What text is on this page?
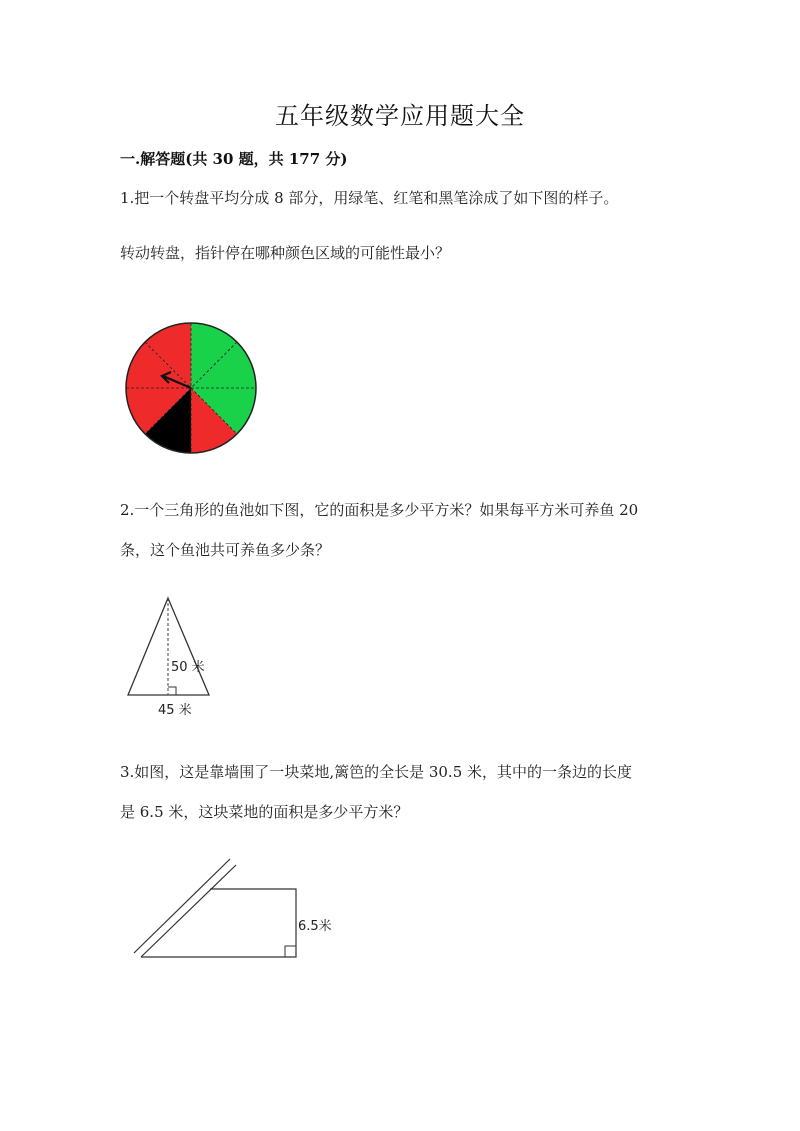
五年级数学应用题大全
一.解答题(共 30 题，共 177 分)
1.把一个转盘平均分成 8 部分，用绿笔、红笔和黑笔涂成了如下图的样子。
转动转盘，指针停在哪种颜色区域的可能性最小？
2.一个三角形的鱼池如下图，它的面积是多少平方米？如果每平方米可养鱼 20
条，这个鱼池共可养鱼多少条？
50 米
45 米
3.如图，这是靠墙围了一块菜地,篱笆的全长是 30.5 米，其中的一条边的长度
是 6.5 米，这块菜地的面积是多少平方米？
6.5米
